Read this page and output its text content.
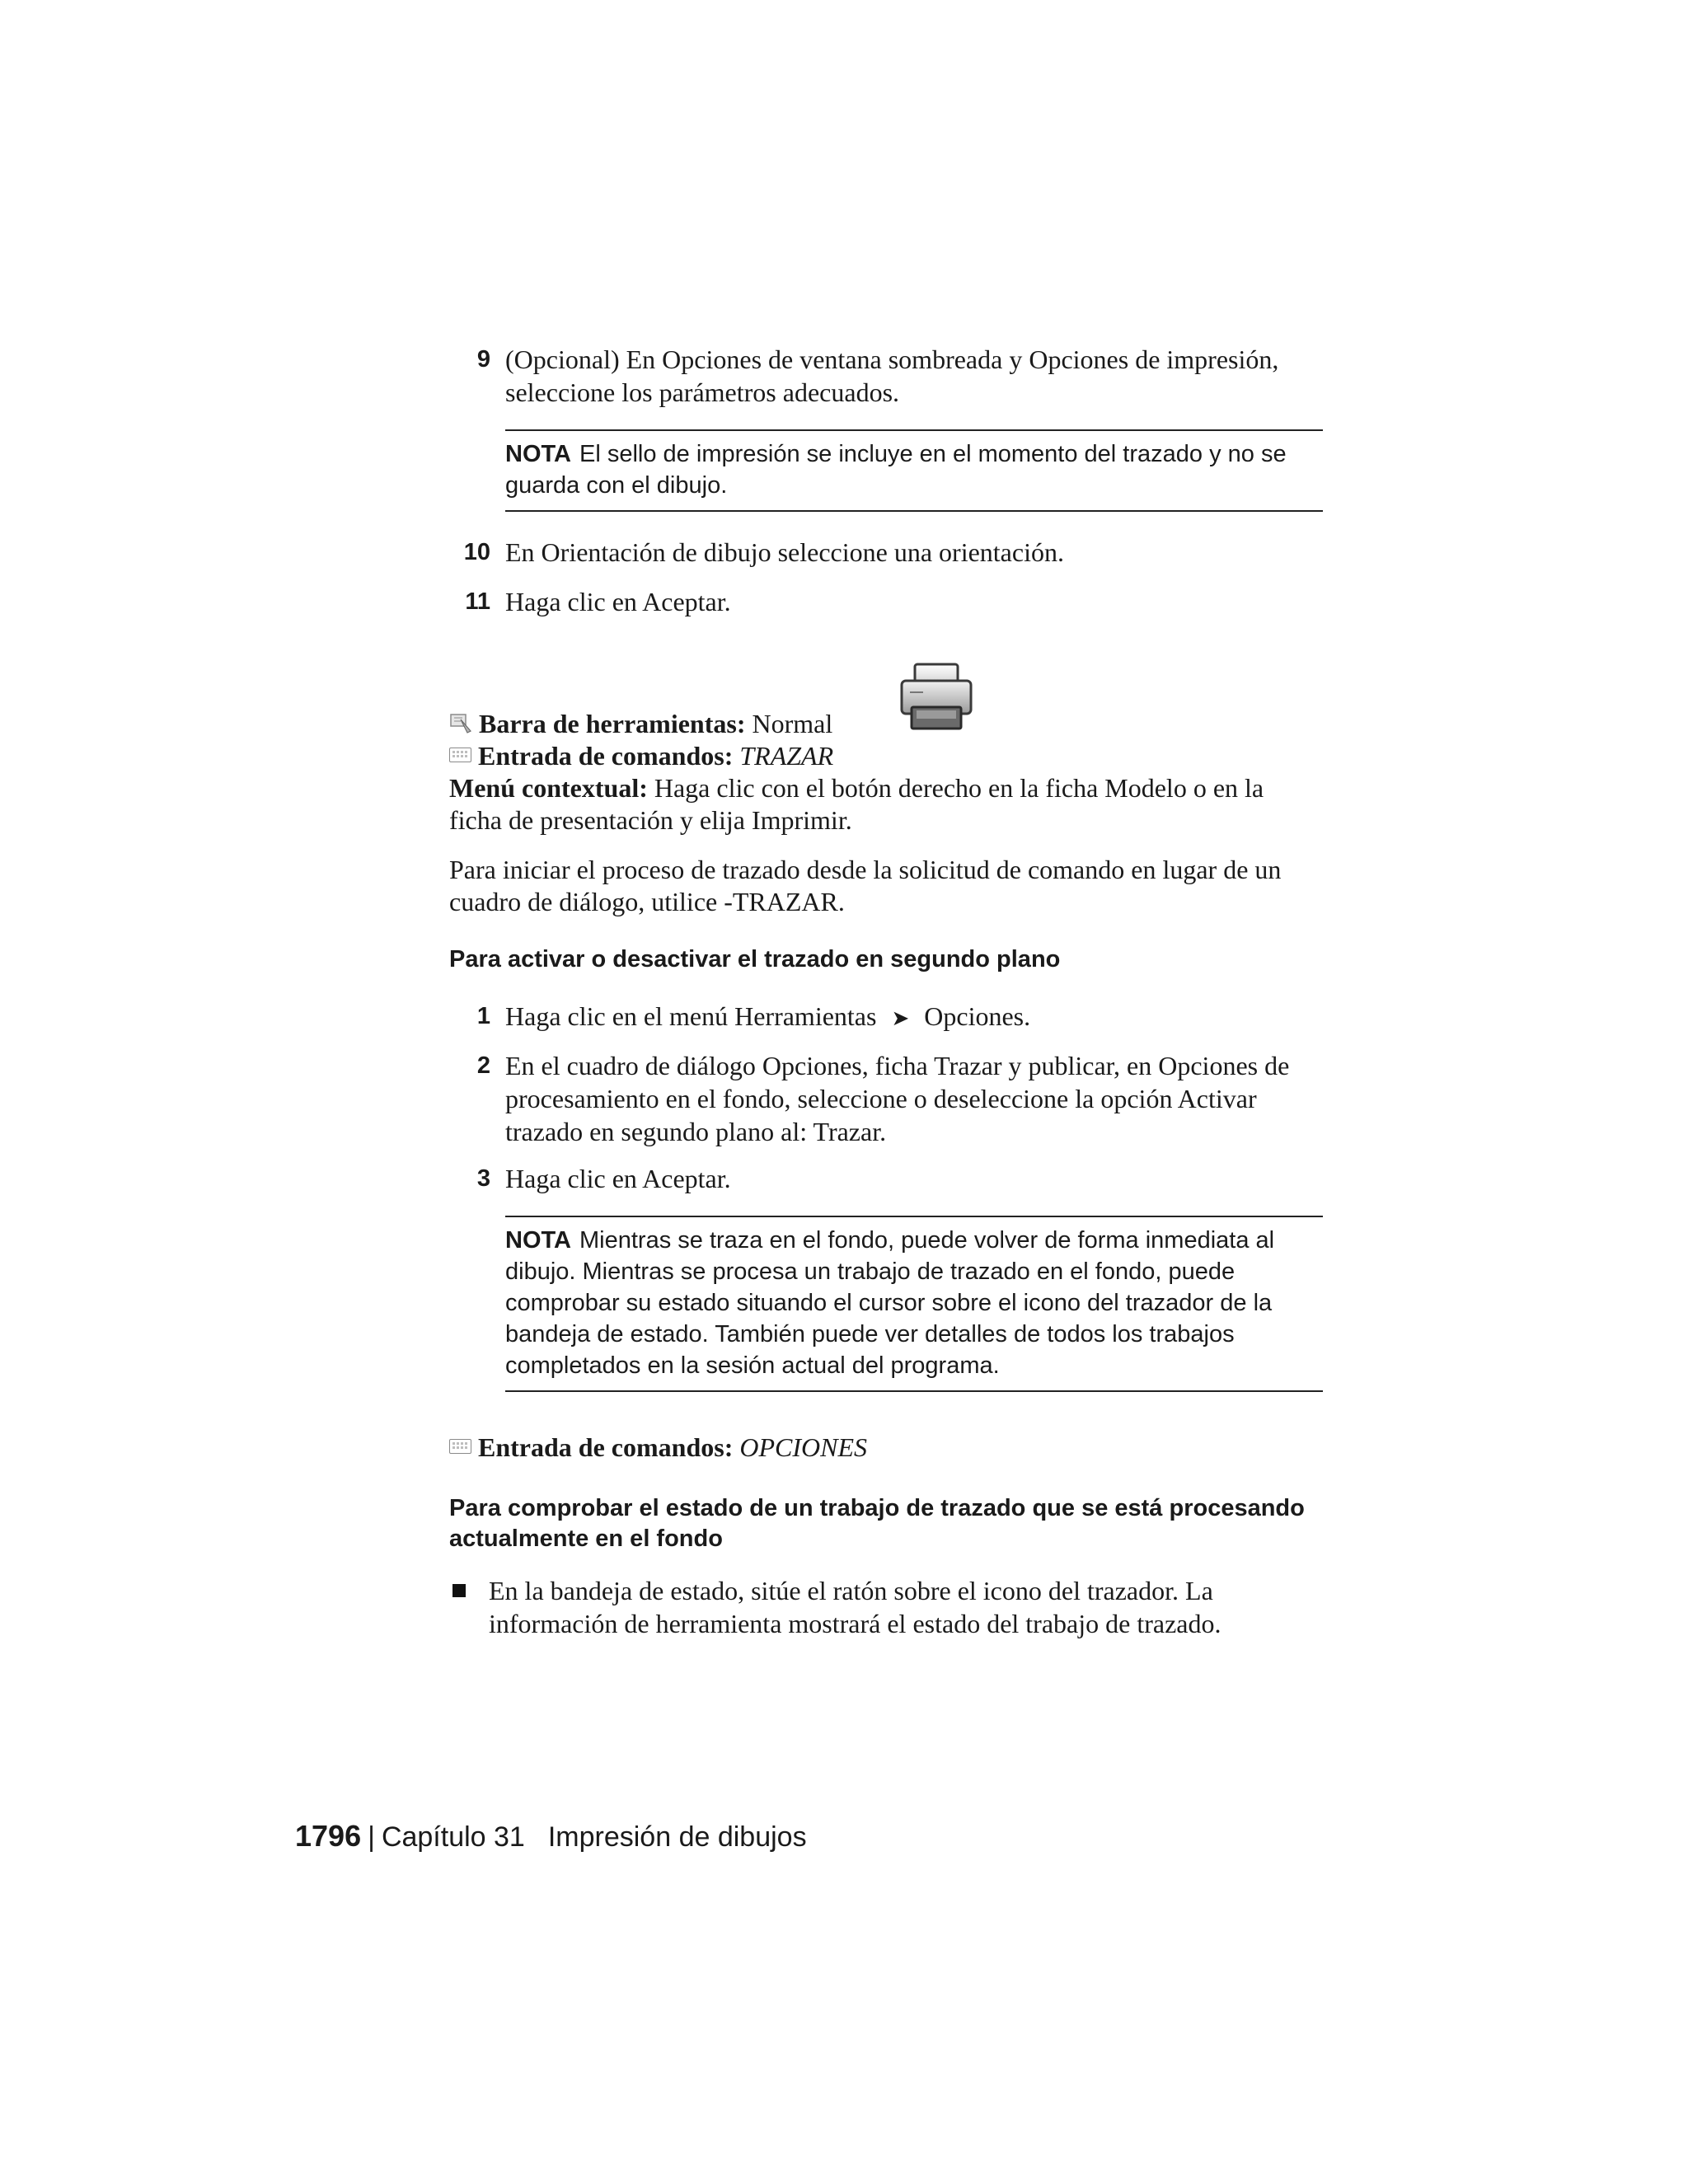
9 (Opcional) En Opciones de ventana sombreada y Opciones de impresión, seleccione los parámetros adecuados.
NOTA El sello de impresión se incluye en el momento del trazado y no se guarda con el dibujo.
10 En Orientación de dibujo seleccione una orientación.
11 Haga clic en Aceptar.
Barra de herramientas: Normal
Entrada de comandos: TRAZAR
Menú contextual: Haga clic con el botón derecho en la ficha Modelo o en la ficha de presentación y elija Imprimir.
Para iniciar el proceso de trazado desde la solicitud de comando en lugar de un cuadro de diálogo, utilice -TRAZAR.
Para activar o desactivar el trazado en segundo plano
1 Haga clic en el menú Herramientas ➤ Opciones.
2 En el cuadro de diálogo Opciones, ficha Trazar y publicar, en Opciones de procesamiento en el fondo, seleccione o deseleccione la opción Activar trazado en segundo plano al: Trazar.
3 Haga clic en Aceptar.
NOTA Mientras se traza en el fondo, puede volver de forma inmediata al dibujo. Mientras se procesa un trabajo de trazado en el fondo, puede comprobar su estado situando el cursor sobre el icono del trazador de la bandeja de estado. También puede ver detalles de todos los trabajos completados en la sesión actual del programa.
Entrada de comandos: OPCIONES
Para comprobar el estado de un trabajo de trazado que se está procesando actualmente en el fondo
En la bandeja de estado, sitúe el ratón sobre el icono del trazador. La información de herramienta mostrará el estado del trabajo de trazado.
1796 | Capítulo 31 Impresión de dibujos
